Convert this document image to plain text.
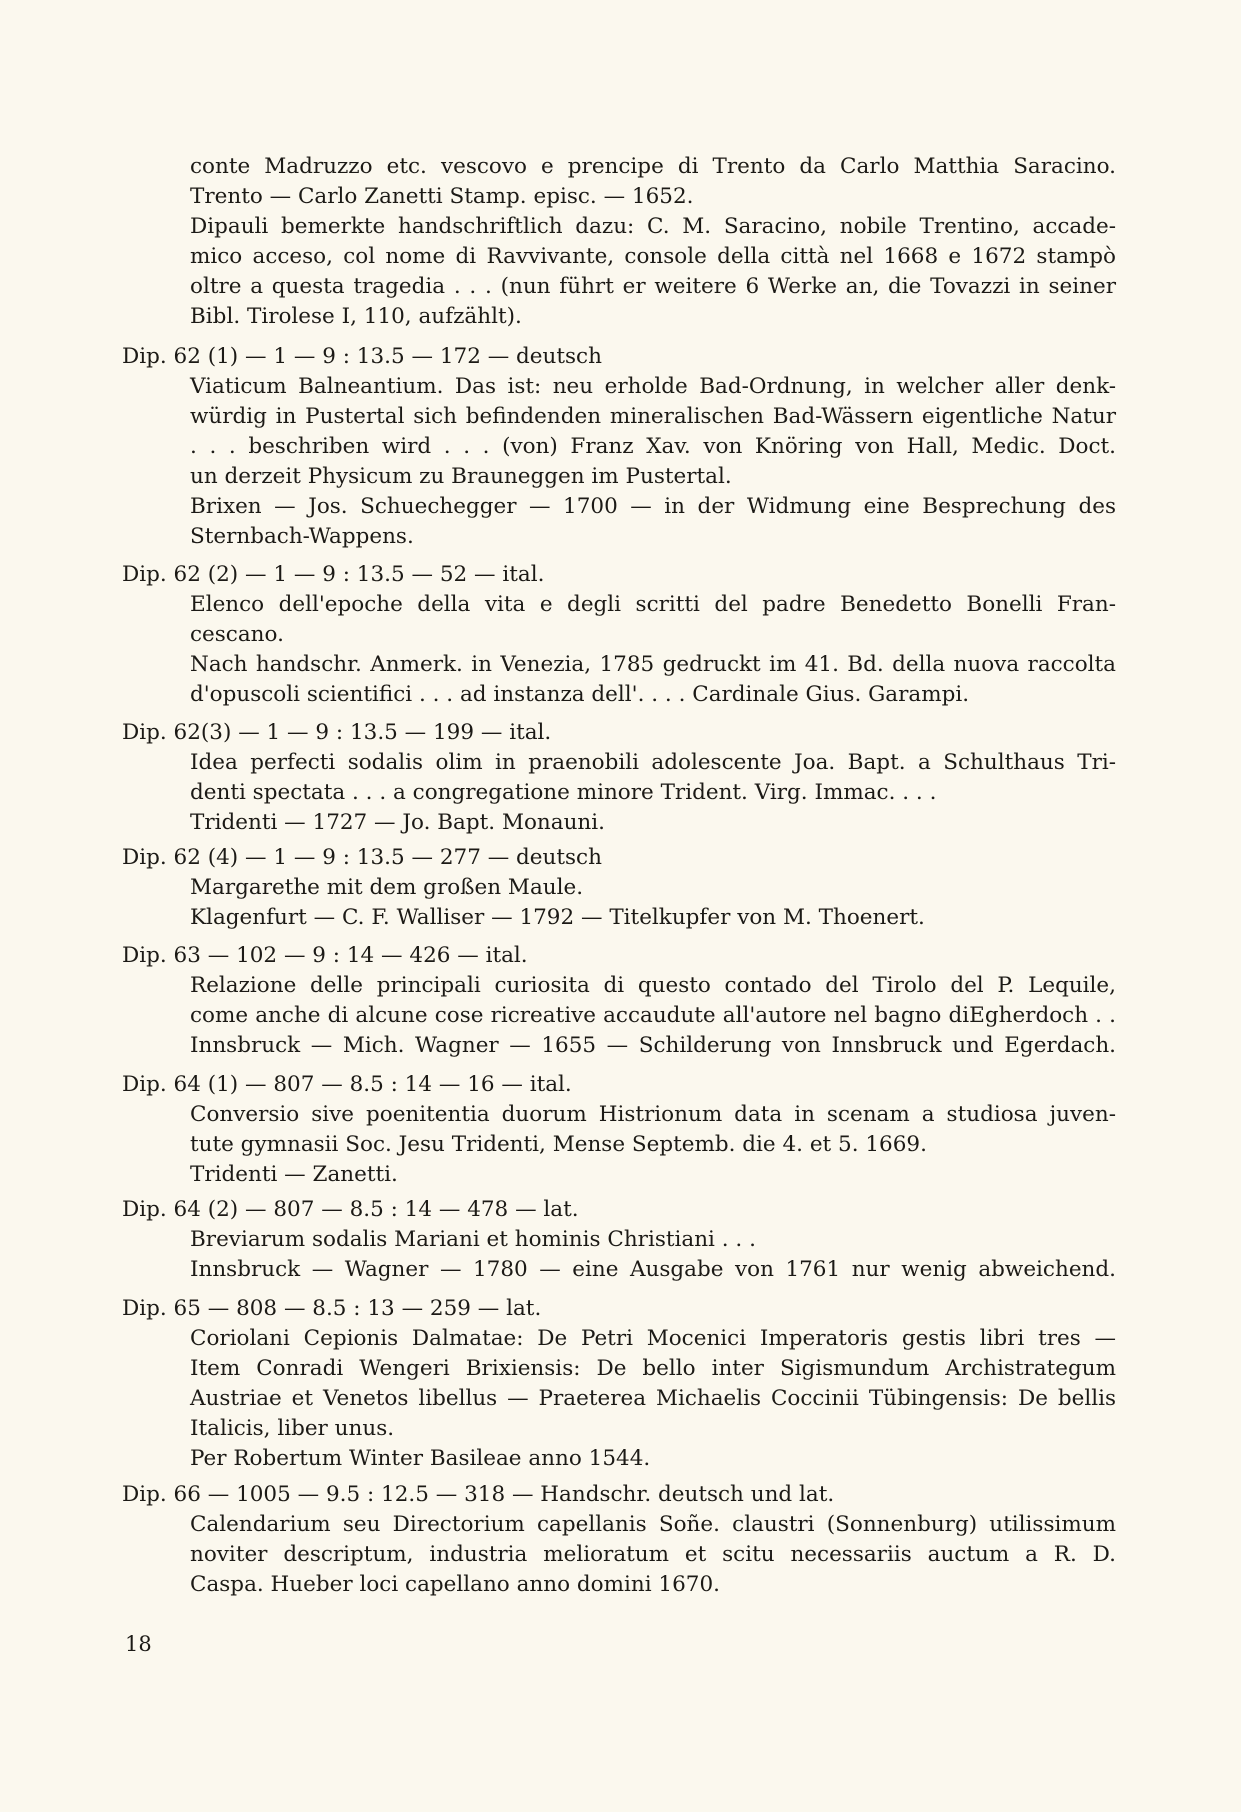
conte Madruzzo etc. vescovo e prencipe di Trento da Carlo Matthia Saracino.
Trento — Carlo Zanetti Stamp. episc. — 1652.
Dipauli bemerkte handschriftlich dazu: C. M. Saracino, nobile Trentino, accade-
mico acceso, col nome di Ravvivante, console della città nel 1668 e 1672 stampò
oltre a questa tragedia . . . (nun führt er weitere 6 Werke an, die Tovazzi in seiner
Bibl. Tirolese I, 110, aufzählt).
Dip. 62 (1) — 1 — 9 : 13.5 — 172 — deutsch
Viaticum Balneantium. Das ist: neu erholde Bad-Ordnung, in welcher aller denk-
würdig in Pustertal sich befindenden mineralischen Bad-Wässern eigentliche Natur
. . . beschriben wird . . . (von) Franz Xav. von Knöring von Hall, Medic. Doct.
un derzeit Physicum zu Brauneggen im Pustertal.
Brixen — Jos. Schuechegger — 1700 — in der Widmung eine Besprechung des
Sternbach-Wappens.
Dip. 62 (2) — 1 — 9 : 13.5 — 52 — ital.
Elenco dell'epoche della vita e degli scritti del padre Benedetto Bonelli Fran-
cescano.
Nach handschr. Anmerk. in Venezia, 1785 gedruckt im 41. Bd. della nuova raccolta
d'opuscoli scientifici . . . ad instanza dell'. . . . Cardinale Gius. Garampi.
Dip. 62(3) — 1 — 9 : 13.5 — 199 — ital.
Idea perfecti sodalis olim in praenobili adolescente Joa. Bapt. a Schulthaus Tri-
denti spectata . . . a congregatione minore Trident. Virg. Immac. . . .
Tridenti — 1727 — Jo. Bapt. Monauni.
Dip. 62 (4) — 1 — 9 : 13.5 — 277 — deutsch
Margarethe mit dem großen Maule.
Klagenfurt — C. F. Walliser — 1792 — Titelkupfer von M. Thoenert.
Dip. 63 — 102 — 9 : 14 — 426 — ital.
Relazione delle principali curiosita di questo contado del Tirolo del P. Lequile,
come anche di alcune cose ricreative accaudute all'autore nel bagno diEgherdoch . .
Innsbruck — Mich. Wagner — 1655 — Schilderung von Innsbruck und Egerdach.
Dip. 64 (1) — 807 — 8.5 : 14 — 16 — ital.
Conversio sive poenitentia duorum Histrionum data in scenam a studiosa juven-
tute gymnasii Soc. Jesu Tridenti, Mense Septemb. die 4. et 5. 1669.
Tridenti — Zanetti.
Dip. 64 (2) — 807 — 8.5 : 14 — 478 — lat.
Breviarum sodalis Mariani et hominis Christiani . . .
Innsbruck — Wagner — 1780 — eine Ausgabe von 1761 nur wenig abweichend.
Dip. 65 — 808 — 8.5 : 13 — 259 — lat.
Coriolani Cepionis Dalmatae: De Petri Mocenici Imperatoris gestis libri tres —
Item Conradi Wengeri Brixiensis: De bello inter Sigismundum Archistrategum
Austriae et Venetos libellus — Praeterea Michaelis Coccinii Tübingensis: De bellis
Italicis, liber unus.
Per Robertum Winter Basileae anno 1544.
Dip. 66 — 1005 — 9.5 : 12.5 — 318 — Handschr. deutsch und lat.
Calendarium seu Directorium capellanis Soñe. claustri (Sonnenburg) utilissimum
noviter descriptum, industria melioratum et scitu necessariis auctum a R. D.
Caspa. Hueber loci capellano anno domini 1670.
18
